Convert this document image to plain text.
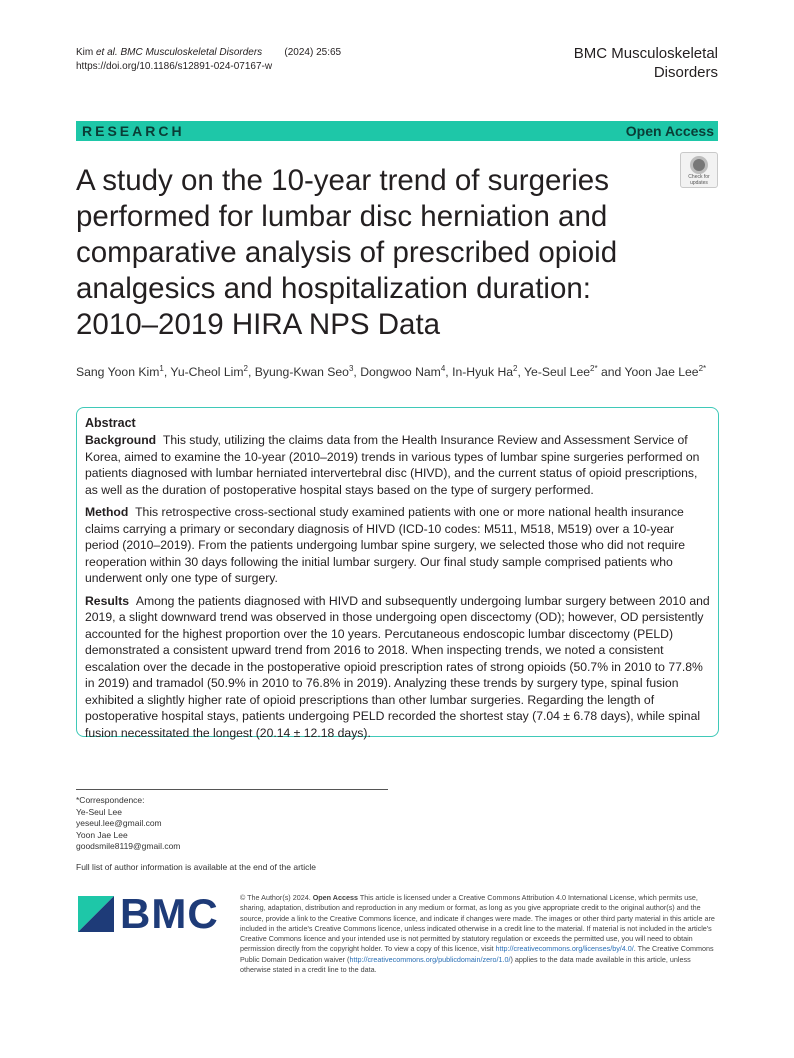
Kim et al. BMC Musculoskeletal Disorders (2024) 25:65
https://doi.org/10.1186/s12891-024-07167-w
BMC Musculoskeletal
Disorders
RESEARCH	Open Access
Check for
updates
A study on the 10-year trend of surgeries performed for lumbar disc herniation and comparative analysis of prescribed opioid analgesics and hospitalization duration: 2010–2019 HIRA NPS Data
Sang Yoon Kim$^1$, Yu-Cheol Lim$^2$, Byung-Kwan Seo$^3$, Dongwoo Nam$^4$, In-Hyuk Ha$^2$, Ye-Seul Lee$^{2*}$ and Yoon Jae Lee$^{2*}$
Abstract

Background This study, utilizing the claims data from the Health Insurance Review and Assessment Service of Korea, aimed to examine the 10-year (2010–2019) trends in various types of lumbar spine surgeries performed on patients diagnosed with lumbar herniated intervertebral disc (HIVD), and the current status of opioid prescriptions, as well as the duration of postoperative hospital stays based on the type of surgery performed.

Method This retrospective cross-sectional study examined patients with one or more national health insurance claims carrying a primary or secondary diagnosis of HIVD (ICD-10 codes: M511, M518, M519) over a 10-year period (2010–2019). From the patients undergoing lumbar spine surgery, we selected those who did not require reoperation within 30 days following the initial lumbar surgery. Our final study sample comprised patients who underwent only one type of surgery.

Results Among the patients diagnosed with HIVD and subsequently undergoing lumbar surgery between 2010 and 2019, a slight downward trend was observed in those undergoing open discectomy (OD); however, OD persistently accounted for the highest proportion over the 10 years. Percutaneous endoscopic lumbar discectomy (PELD) demonstrated a consistent upward trend from 2016 to 2018. When inspecting trends, we noted a consistent escalation over the decade in the postoperative opioid prescription rates of strong opioids (50.7% in 2010 to 77.8% in 2019) and tramadol (50.9% in 2010 to 76.8% in 2019). Analyzing these trends by surgery type, spinal fusion exhibited a slightly higher rate of opioid prescriptions than other lumbar surgeries. Regarding the length of postoperative hospital stays, patients undergoing PELD recorded the shortest stay (7.04 ± 6.78 days), while spinal fusion necessitated the longest (20.14 ± 12.18 days).

*Correspondence:
Ye-Seul Lee
yeseul.lee@gmail.com
Yoon Jae Lee
goodsmile8119@gmail.com
Full list of author information is available at the end of the article
BMC	© The Author(s) 2024. Open Access This article is licensed under a Creative Commons Attribution 4.0 International License, which permits use, sharing, adaptation, distribution and reproduction in any medium or format, as long as you give appropriate credit to the original author(s) and the source, provide a link to the Creative Commons licence, and indicate if changes were made. The images or other third party material in this article are included in the article's Creative Commons licence, unless indicated otherwise in a credit line to the material. If material is not included in the article's Creative Commons licence and your intended use is not permitted by statutory regulation or exceeds the permitted use, you will need to obtain permission directly from the copyright holder. To view a copy of this licence, visit http://creativecommons.org/licenses/by/4.0/. The Creative Commons Public Domain Dedication waiver (http://creativecommons.org/publicdomain/zero/1.0/) applies to the data made available in this article, unless otherwise stated in a credit line to the data.
